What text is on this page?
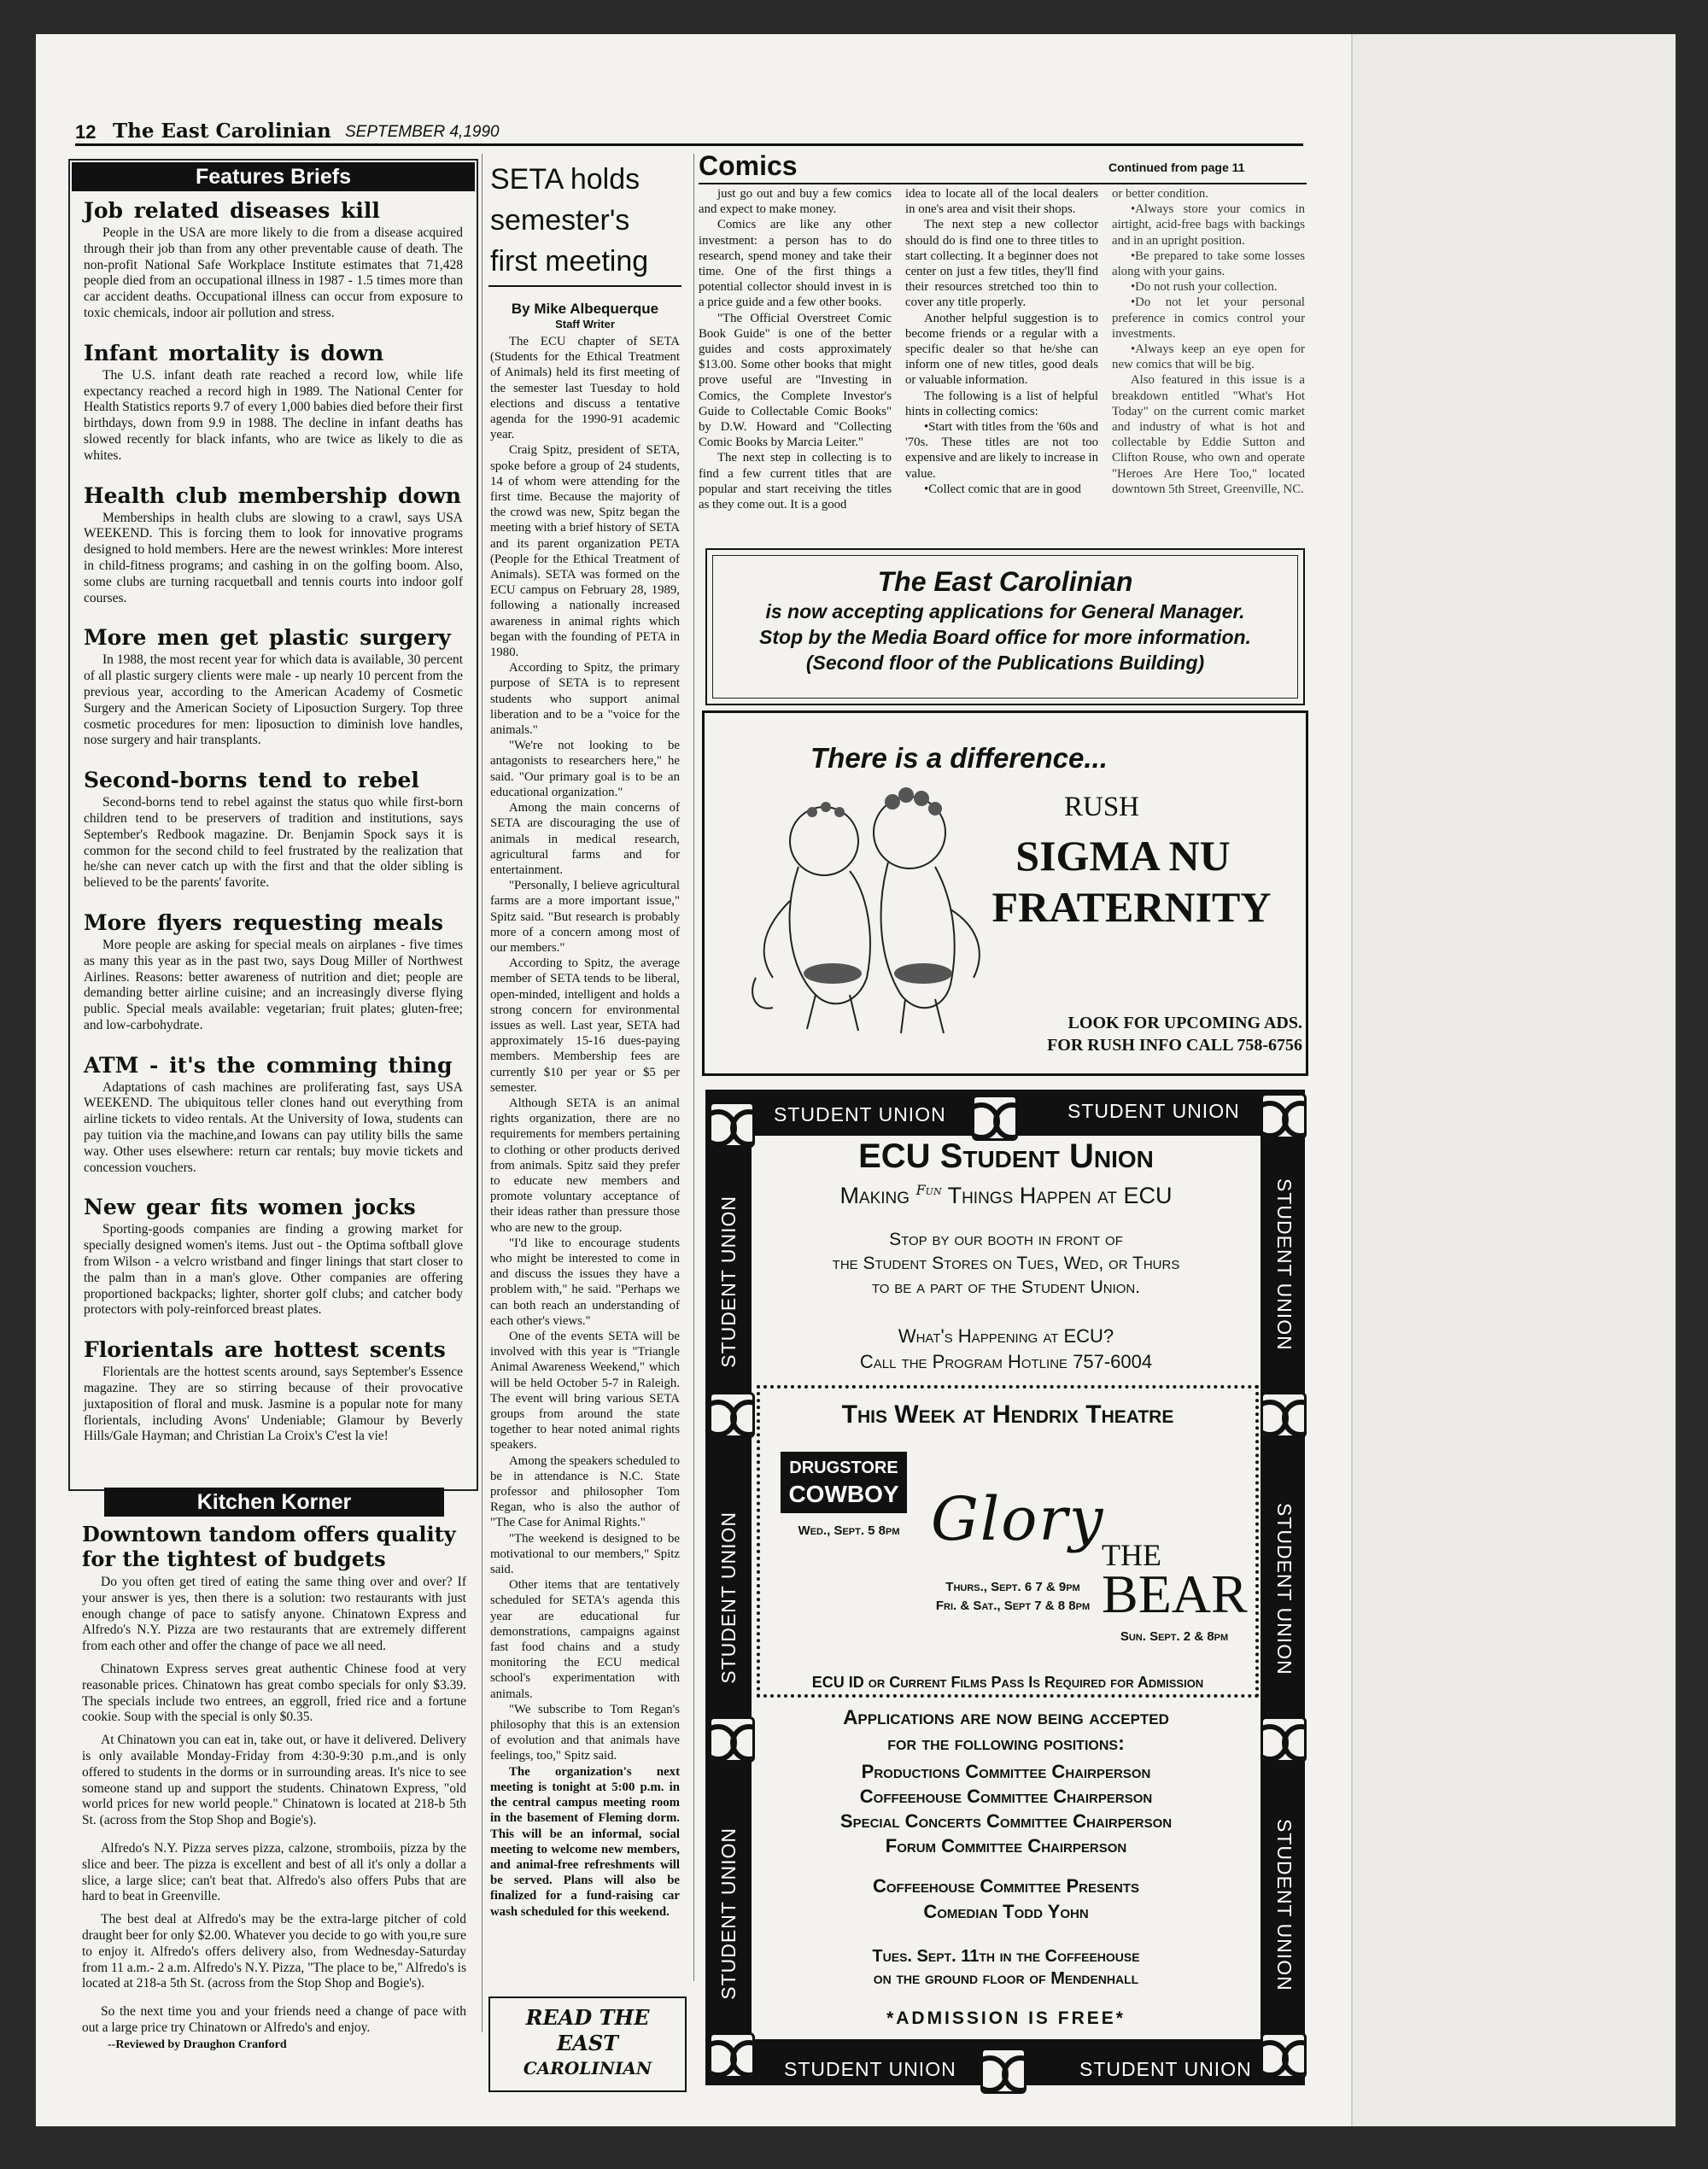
12 The East Carolinian SEPTEMBER 4,1990
Features Briefs
Job related diseases kill
People in the USA are more likely to die from a disease acquired through their job than from any other preventable cause of death. The non-profit National Safe Workplace Institute estimates that 71,428 people died from an occupational illness in 1987 - 1.5 times more than car accident deaths. Occupational illness can occur from exposure to toxic chemicals, indoor air pollution and stress.
Infant mortality is down
The U.S. infant death rate reached a record low, while life expectancy reached a record high in 1989. The National Center for Health Statistics reports 9.7 of every 1,000 babies died before their first birthdays, down from 9.9 in 1988. The decline in infant deaths has slowed recently for black infants, who are twice as likely to die as whites.
Health club membership down
Memberships in health clubs are slowing to a crawl, says USA WEEKEND. This is forcing them to look for innovative programs designed to hold members. Here are the newest wrinkles: More interest in child-fitness programs; and cashing in on the golfing boom. Also, some clubs are turning racquetball and tennis courts into indoor golf courses.
More men get plastic surgery
In 1988, the most recent year for which data is available, 30 percent of all plastic surgery clients were male - up nearly 10 percent from the previous year, according to the American Academy of Cosmetic Surgery and the American Society of Liposuction Surgery. Top three cosmetic procedures for men: liposuction to diminish love handles, nose surgery and hair transplants.
Second-borns tend to rebel
Second-borns tend to rebel against the status quo while first-born children tend to be preservers of tradition and institutions, says September's Redbook magazine. Dr. Benjamin Spock says it is common for the second child to feel frustrated by the realization that he/she can never catch up with the first and that the older sibling is believed to be the parents' favorite.
More flyers requesting meals
More people are asking for special meals on airplanes - five times as many this year as in the past two, says Doug Miller of Northwest Airlines. Reasons: better awareness of nutrition and diet; people are demanding better airline cuisine; and an increasingly diverse flying public. Special meals available: vegetarian; fruit plates; gluten-free; and low-carbohydrate.
ATM - it's the comming thing
Adaptations of cash machines are proliferating fast, says USA WEEKEND. The ubiquitous teller clones hand out everything from airline tickets to video rentals. At the University of Iowa, students can pay tuition via the machine,and Iowans can pay utility bills the same way. Other uses elsewhere: return car rentals; buy movie tickets and concession vouchers.
New gear fits women jocks
Sporting-goods companies are finding a growing market for specially designed women's items. Just out - the Optima softball glove from Wilson - a velcro wristband and finger linings that start closer to the palm than in a man's glove. Other companies are offering proportioned backpacks; lighter, shorter golf clubs; and catcher body protectors with poly-reinforced breast plates.
Florientals are hottest scents
Florientals are the hottest scents around, says September's Essence magazine. They are so stirring because of their provocative juxtaposition of floral and musk. Jasmine is a popular note for many florientals, including Avons' Undeniable; Glamour by Beverly Hills/Gale Hayman; and Christian La Croix's C'est la vie!
Kitchen Korner
Downtown tandom offers quality for the tightest of budgets
Do you often get tired of eating the same thing over and over? If your answer is yes, then there is a solution: two restaurants with just enough change of pace to satisfy anyone. Chinatown Express and Alfredo's N.Y. Pizza are two restaurants that are extremely different from each other and offer the change of pace we all need.
Chinatown Express serves great authentic Chinese food at very reasonable prices. Chinatown has great combo specials for only $3.39. The specials include two entrees, an eggroll, fried rice and a fortune cookie. Soup with the special is only $0.35.
At Chinatown you can eat in, take out, or have it delivered. Delivery is only available Monday-Friday from 4:30-9:30 p.m.,and is only offered to students in the dorms or in surrounding areas. It's nice to see someone stand up and support the students. Chinatown Express, "old world prices for new world people." Chinatown is located at 218-b 5th St. (across from the Stop Shop and Bogie's).
Alfredo's N.Y. Pizza serves pizza, calzone, stromboiis, pizza by the slice and beer. The pizza is excellent and best of all it's only a dollar a slice, a large slice; can't beat that. Alfredo's also offers Pubs that are hard to beat in Greenville.
The best deal at Alfredo's may be the extra-large pitcher of cold draught beer for only $2.00. Whatever you decide to go with you,re sure to enjoy it. Alfredo's offers delivery also, from Wednesday-Saturday from 11 a.m.- 2 a.m. Alfredo's N.Y. Pizza, "The place to be," Alfredo's is located at 218-a 5th St. (across from the Stop Shop and Bogie's).
So the next time you and your friends need a change of pace with out a large price try Chinatown or Alfredo's and enjoy.
--Reviewed by Draughon Cranford
SETA holds semester's first meeting
By Mike Albequerque
Staff Writer
The ECU chapter of SETA (Students for the Ethical Treatment of Animals) held its first meeting of the semester last Tuesday to hold elections and discuss a tentative agenda for the 1990-91 academic year.
Craig Spitz, president of SETA, spoke before a group of 24 students, 14 of whom were attending for the first time. Because the majority of the crowd was new, Spitz began the meeting with a brief history of SETA and its parent organization PETA (People for the Ethical Treatment of Animals). SETA was formed on the ECU campus on February 28, 1989, following a nationally increased awareness in animal rights which began with the founding of PETA in 1980.
According to Spitz, the primary purpose of SETA is to represent students who support animal liberation and to be a "voice for the animals."
"We're not looking to be antagonists to researchers here," he said. "Our primary goal is to be an educational organization."
Among the main concerns of SETA are discouraging the use of animals in medical research, agricultural farms and for entertainment.
"Personally, I believe agricultural farms are a more important issue," Spitz said. "But research is probably more of a concern among most of our members."
According to Spitz, the average member of SETA tends to be liberal, open-minded, intelligent and holds a strong concern for environmental issues as well. Last year, SETA had approximately 15-16 dues-paying members. Membership fees are currently $10 per year or $5 per semester.
Although SETA is an animal rights organization, there are no requirements for members pertaining to clothing or other products derived from animals. Spitz said they prefer to educate new members and promote voluntary acceptance of their ideas rather than pressure those who are new to the group.
"I'd like to encourage students who might be interested to come in and discuss the issues they have a problem with," he said. "Perhaps we can both reach an understanding of each other's views."
One of the events SETA will be involved with this year is "Triangle Animal Awareness Weekend," which will be held October 5-7 in Raleigh. The event will bring various SETA groups from around the state together to hear noted animal rights speakers.
Among the speakers scheduled to be in attendance is N.C. State professor and philosopher Tom Regan, who is also the author of "The Case for Animal Rights."
"The weekend is designed to be motivational to our members," Spitz said.
Other items that are tentatively scheduled for SETA's agenda this year are educational fur demonstrations, campaigns against fast food chains and a study monitoring the ECU medical school's experimentation with animals.
"We subscribe to Tom Regan's philosophy that this is an extension of evolution and that animals have feelings, too," Spitz said.
The organization's next meeting is tonight at 5:00 p.m. in the central campus meeting room in the basement of Fleming dorm. This will be an informal, social meeting to welcome new members, and animal-free refreshments will be served. Plans will also be finalized for a fund-raising car wash scheduled for this weekend.
READ THE
EAST
CAROLINIAN
Comics	Continued from page 11
just go out and buy a few comics and expect to make money.
Comics are like any other investment: a person has to do research, spend money and take their time. One of the first things a potential collector should invest in is a price guide and a few other books.
"The Official Overstreet Comic Book Guide" is one of the better guides and costs approximately $13.00. Some other books that might prove useful are "Investing in Comics, the Complete Investor's Guide to Collectable Comic Books" by D.W. Howard and "Collecting Comic Books by Marcia Leiter."
The next step in collecting is to find a few current titles that are popular and start receiving the titles as they come out. It is a good
idea to locate all of the local dealers in one's area and visit their shops.
The next step a new collector should do is find one to three titles to start collecting. It a beginner does not center on just a few titles, they'll find their resources stretched too thin to cover any title properly.
Another helpful suggestion is to become friends or a regular with a specific dealer so that he/she can inform one of new titles, good deals or valuable information.
The following is a list of helpful hints in collecting comics:
•Start with titles from the '60s and '70s. These titles are not too expensive and are likely to increase in value.
•Collect comic that are in good
or better condition.
•Always store your comics in airtight, acid-free bags with backings and in an upright position.
•Be prepared to take some losses along with your gains.
•Do not rush your collection.
•Do not let your personal preference in comics control your investments.
•Always keep an eye open for new comics that will be big.
Also featured in this issue is a breakdown entitled "What's Hot Today" on the current comic market and industry of what is hot and collectable by Eddie Sutton and Clifton Rouse, who own and operate "Heroes Are Here Too," located downtown 5th Street, Greenville, NC.
The East Carolinian
is now accepting applications for General Manager.
Stop by the Media Board office for more information.
(Second floor of the Publications Building)
There is a difference...
RUSH
SIGMA NU
FRATERNITY
LOOK FOR UPCOMING ADS.
FOR RUSH INFO CALL 758-6756
STUDENT UNION	STUDENT UNION
STUDENT UNION	STUDENT UNION
STUDENT UNION
STUDENT UNION
STUDENT UNION
STUDENT UNION
STUDENT UNION
STUDENT UNION
ECU Student Union
Making $^{Fun}$ Things Happen at ECU
Stop by our booth in front of
the Student Stores on Tues, Wed, or Thurs
to be a part of the Student Union.
What's Happening at ECU?
Call the Program Hotline 757-6004
This Week at Hendrix Theatre
DRUGSTORE
COWBOY
Wed., Sept. 5 8pm Glory
Thurs., Sept. 6 7 & 9pm
Fri. & Sat., Sept 7 & 8 8pm
THE
BEAR
Sun. Sept. 2 & 8pm
ECU ID or Current Films Pass Is Required for Admission
Applications are now being accepted
for the following positions:
Productions Committee Chairperson
Coffeehouse Committee Chairperson
Special Concerts Committee Chairperson
Forum Committee Chairperson
Coffeehouse Committee Presents
Comedian Todd Yohn
Tues. Sept. 11th in the Coffeehouse
on the ground floor of Mendenhall
*ADMISSION IS FREE*
